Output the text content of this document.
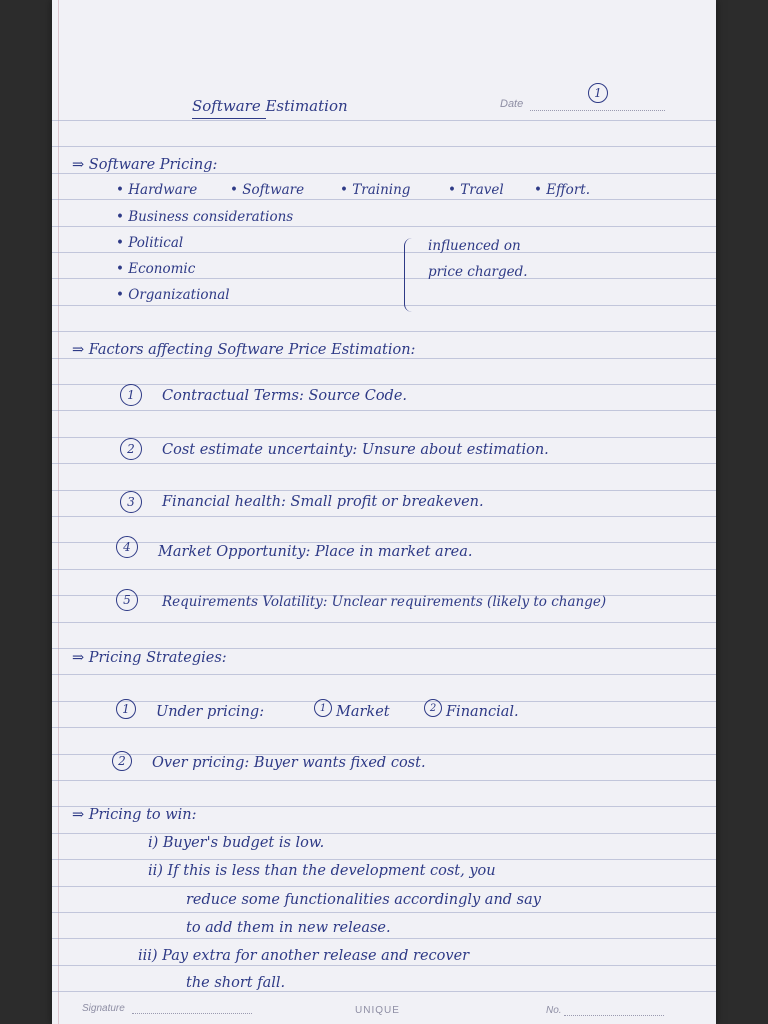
Date
1
Software Estimation
⇒ Software Pricing:
• Hardware	• Software	• Training	• Travel	• Effort.
• Business considerations
• Political
• Economic
• Organizational
influenced on
price charged.
⇒ Factors affecting Software Price Estimation:
1	Contractual Terms: Source Code.
2	Cost estimate uncertainty: Unsure about estimation.
3	Financial health: Small profit or breakeven.
4	Market Opportunity: Place in market area.
5	Requirements Volatility: Unclear requirements (likely to change)
⇒ Pricing Strategies:
1	Under pricing:	1 Market	2 Financial.
2	Over pricing: Buyer wants fixed cost.
⇒ Pricing to win:
i) Buyer's budget is low.
ii) If this is less than the development cost, you
reduce some functionalities accordingly and say
to add them in new release.
iii) Pay extra for another release and recover
the short fall.
Signature	UNIQUE	No.
